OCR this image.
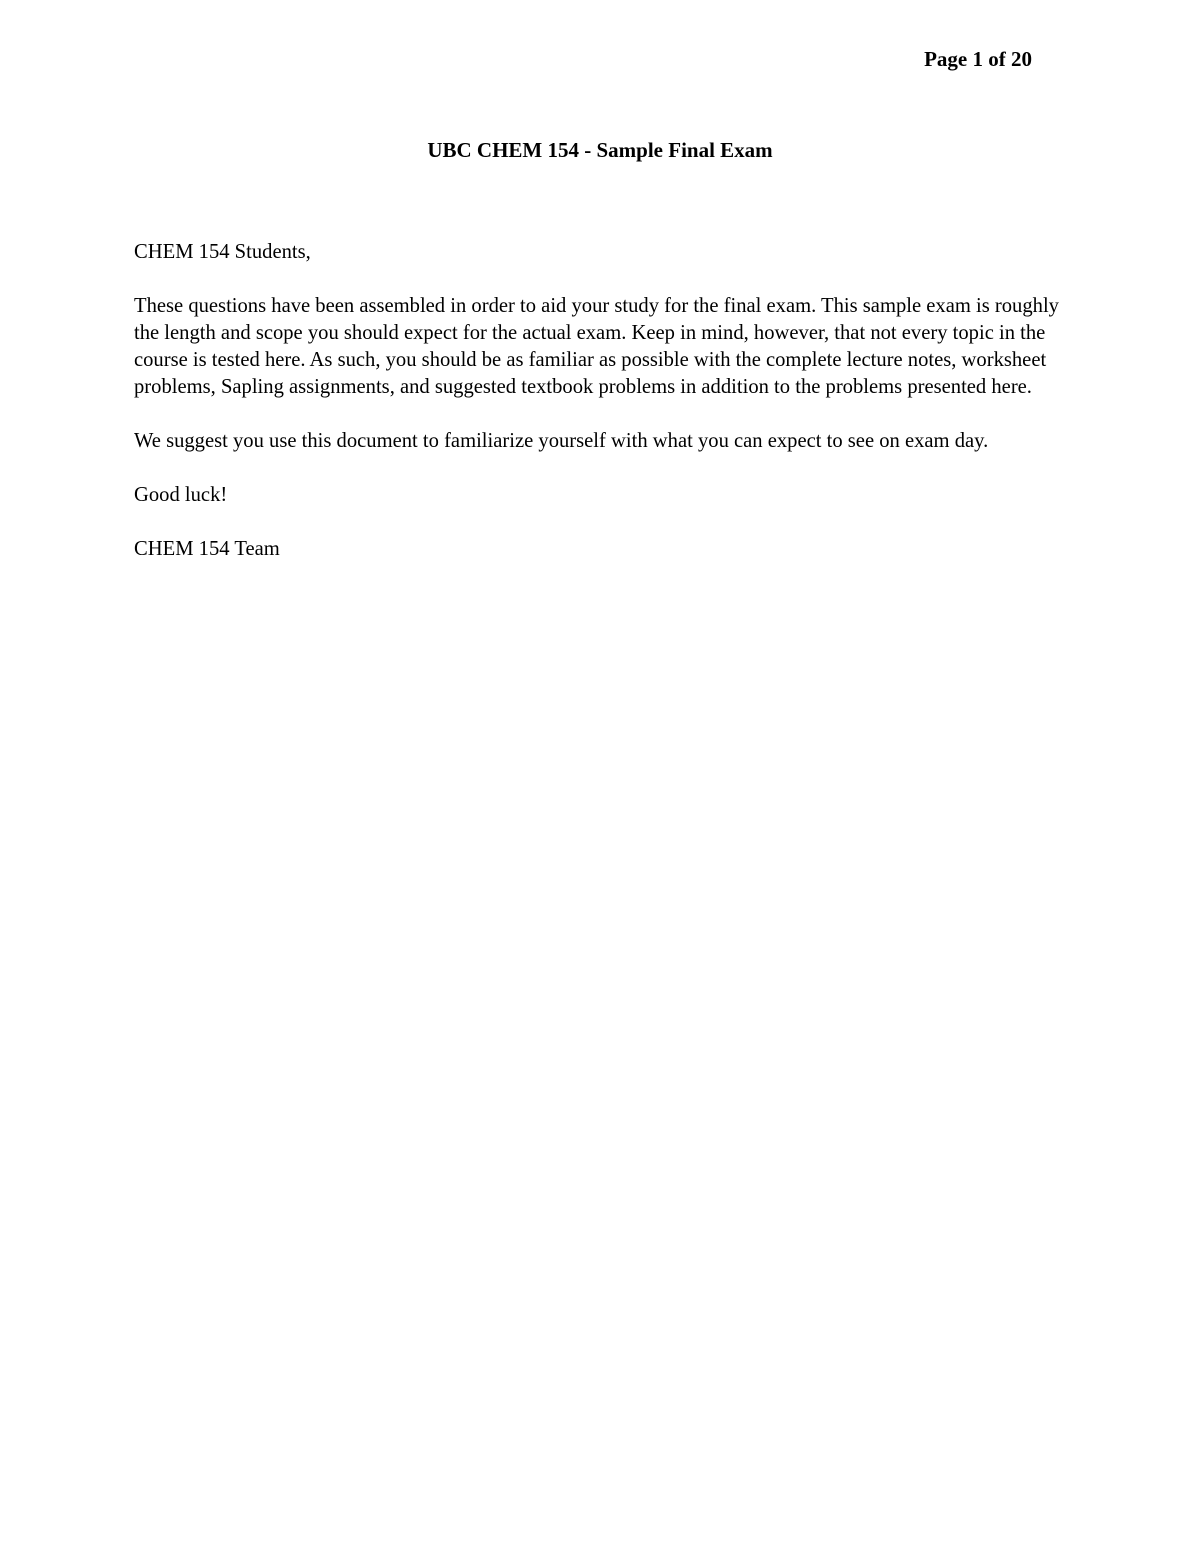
Page 1 of 20
UBC CHEM 154 - Sample Final Exam

CHEM 154 Students,

These questions have been assembled in order to aid your study for the final exam. This sample exam is roughly the length and scope you should expect for the actual exam. Keep in mind, however, that not every topic in the course is tested here. As such, you should be as familiar as possible with the complete lecture notes, worksheet problems, Sapling assignments, and suggested textbook problems in addition to the problems presented here.

We suggest you use this document to familiarize yourself with what you can expect to see on exam day.

Good luck!

CHEM 154 Team
